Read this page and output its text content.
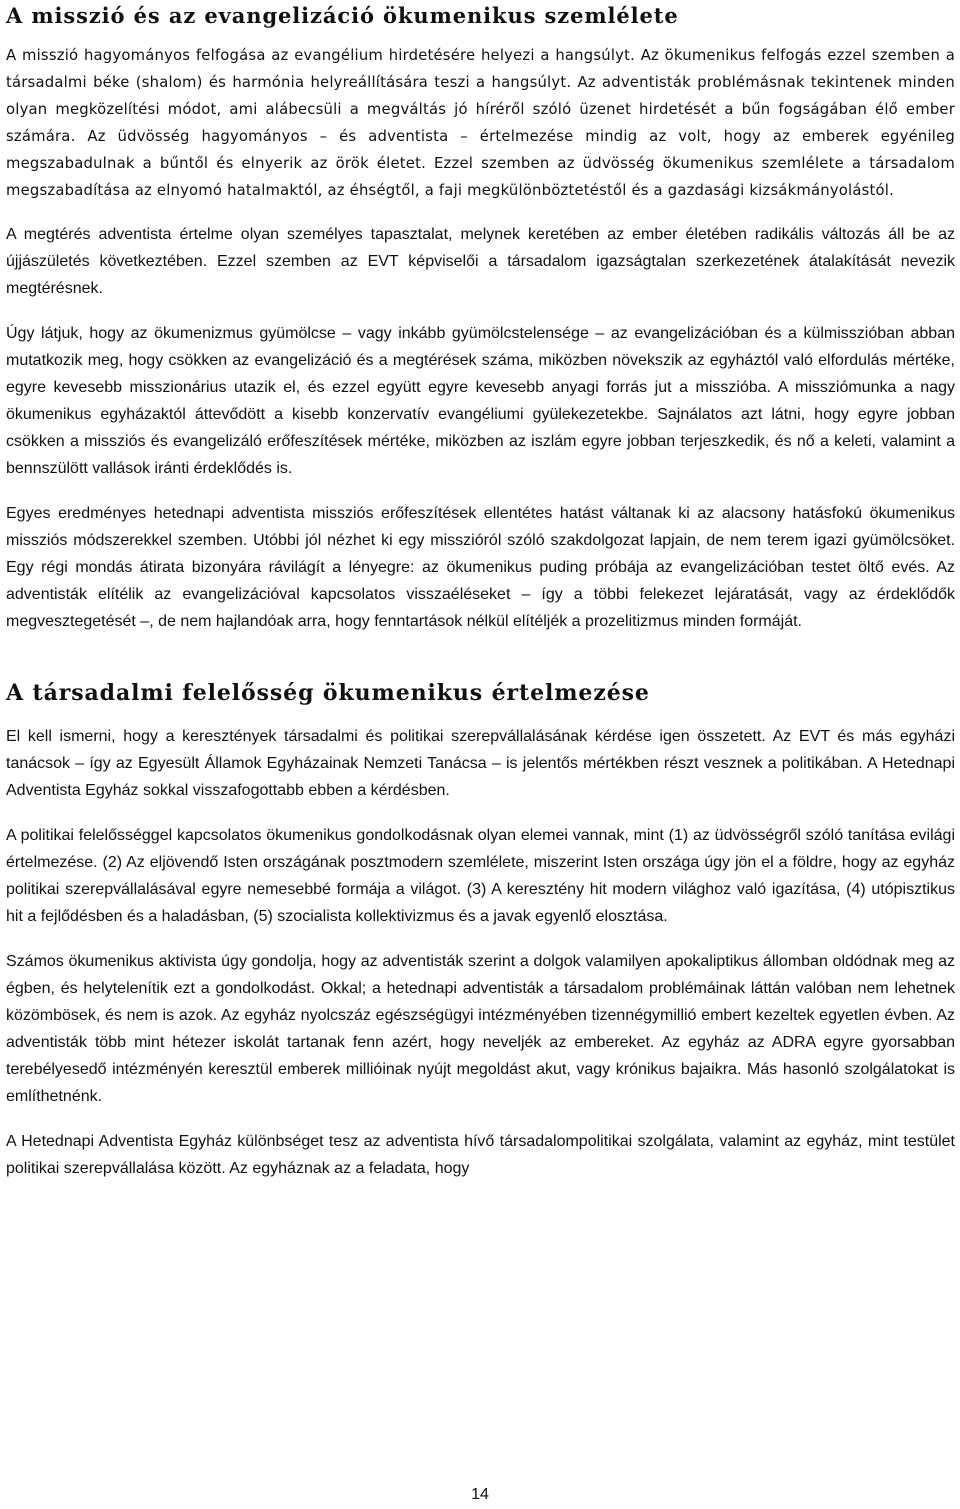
A misszió és az evangelizáció ökumenikus szemlélete

A misszió hagyományos felfogása az evangélium hirdetésére helyezi a hangsúlyt. Az ökumenikus felfogás ezzel szemben a társadalmi béke (shalom) és harmónia helyreállítására teszi a hangsúlyt. Az adventisták problémásnak tekintenek minden olyan megközelítési módot, ami alábecsüli a megváltás jó híréről szóló üzenet hirdetését a bűn fogságában élő ember számára. Az üdvösség hagyományos – és adventista – értelmezése mindig az volt, hogy az emberek egyénileg megszabadulnak a bűntől és elnyerik az örök életet. Ezzel szemben az üdvösség ökumenikus szemlélete a társadalom megszabadítása az elnyomó hatalmaktól, az éhségtől, a faji megkülönböztetéstől és a gazdasági kizsákmányolástól.

A megtérés adventista értelme olyan személyes tapasztalat, melynek keretében az ember életében radikális változás áll be az újjászületés következtében. Ezzel szemben az EVT képviselői a társadalom igazságtalan szerkezetének átalakítását nevezik megtérésnek.

Úgy látjuk, hogy az ökumenizmus gyümölcse – vagy inkább gyümölcstelensége – az evangelizációban és a külmisszióban abban mutatkozik meg, hogy csökken az evangelizáció és a megtérések száma, miközben növekszik az egyháztól való elfordulás mértéke, egyre kevesebb misszionárius utazik el, és ezzel együtt egyre kevesebb anyagi forrás jut a misszióba. A missziómunka a nagy ökumenikus egyházaktól áttevődött a kisebb konzervatív evangéliumi gyülekezetekbe. Sajnálatos azt látni, hogy egyre jobban csökken a missziós és evangelizáló erőfeszítések mértéke, miközben az iszlám egyre jobban terjeszkedik, és nő a keleti, valamint a bennszülött vallások iránti érdeklődés is.

Egyes eredményes hetednapi adventista missziós erőfeszítések ellentétes hatást váltanak ki az alacsony hatásfokú ökumenikus missziós módszerekkel szemben. Utóbbi jól nézhet ki egy misszióról szóló szakdolgozat lapjain, de nem terem igazi gyümölcsöket. Egy régi mondás átirata bizonyára rávilágít a lényegre: az ökumenikus puding próbája az evangelizációban testet öltő evés. Az adventisták elítélik az evangelizációval kapcsolatos visszaéléseket – így a többi felekezet lejáratását, vagy az érdeklődők megvesztegetését –, de nem hajlandóak arra, hogy fenntartások nélkül elítéljék a prozelitizmus minden formáját.

A társadalmi felelősség ökumenikus értelmezése

El kell ismerni, hogy a keresztények társadalmi és politikai szerepvállalásának kérdése igen összetett. Az EVT és más egyházi tanácsok – így az Egyesült Államok Egyházainak Nemzeti Tanácsa – is jelentős mértékben részt vesznek a politikában. A Hetednapi Adventista Egyház sokkal visszafogottabb ebben a kérdésben.

A politikai felelősséggel kapcsolatos ökumenikus gondolkodásnak olyan elemei vannak, mint (1) az üdvösségről szóló tanítása evilági értelmezése. (2) Az eljövendő Isten országának posztmodern szemlélete, miszerint Isten országa úgy jön el a földre, hogy az egyház politikai szerepvállalásával egyre nemesebbé formája a világot. (3) A keresztény hit modern világhoz való igazítása, (4) utópisztikus hit a fejlődésben és a haladásban, (5) szocialista kollektivizmus és a javak egyenlő elosztása.

Számos ökumenikus aktivista úgy gondolja, hogy az adventisták szerint a dolgok valamilyen apokaliptikus állomban oldódnak meg az égben, és helytelenítik ezt a gondolkodást. Okkal; a hetednapi adventisták a társadalom problémáinak láttán valóban nem lehetnek közömbösek, és nem is azok. Az egyház nyolcszáz egészségügyi intézményében tizennégymillió embert kezeltek egyetlen évben. Az adventisták több mint hétezer iskolát tartanak fenn azért, hogy neveljék az embereket. Az egyház az ADRA egyre gyorsabban terebélyesedő intézményén keresztül emberek millióinak nyújt megoldást akut, vagy krónikus bajaikra. Más hasonló szolgálatokat is említhetnénk.

A Hetednapi Adventista Egyház különbséget tesz az adventista hívő társadalompolitikai szolgálata, valamint az egyház, mint testület politikai szerepvállalása között. Az egyháznak az a feladata, hogy

14
